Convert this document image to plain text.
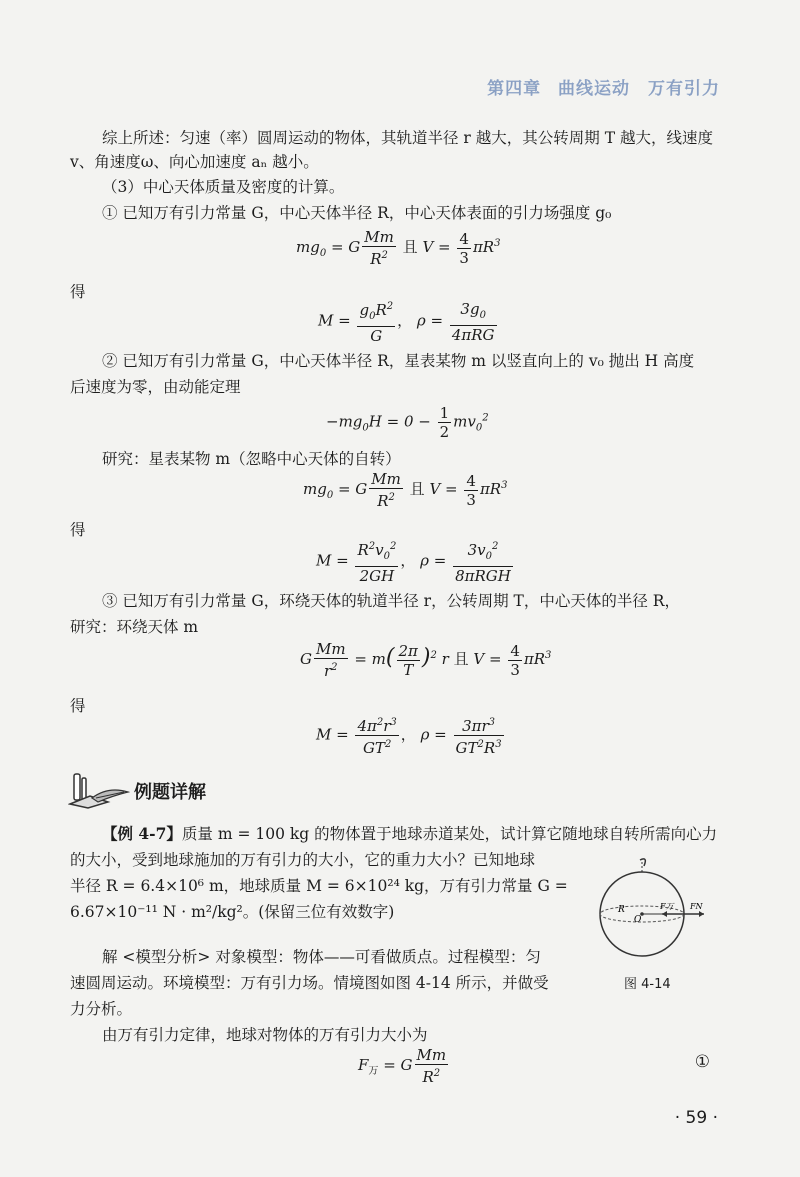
第四章 曲线运动　万有引力
综上所述：匀速（率）圆周运动的物体，其轨道半径 r 越大，其公转周期 T 越大，线速度 v、角速度ω、向心加速度 aₙ 越小。
（3）中心天体质量及密度的计算。
① 已知万有引力常量 G，中心天体半径 R，中心天体表面的引力场强度 g₀
$mg_0 = G \frac{Mm}{R^2}$ 且 $V = \frac{4}{3} \pi R^3$
得
$M = \frac{g_0R^2}{G}$ ， $\rho = \frac{3g_0}{\text{4πRG}}$
② 已知万有引力常量 G，中心天体半径 R，星表某物 m 以竖直向上的 v₀ 抛出 H 高度
后速度为零，由动能定理
$-mg_0H = 0 - \frac{1}{2} mv_0^2$
研究：星表某物 m（忽略中心天体的自转）
$mg_0 = G \frac{Mm}{R^2}$ 且 $V = \frac{4}{3} \pi R^3$
得
$M = \frac{R^2v_0^2}{2GH}$ ， $\rho = \frac{3v_0^2}{\text{8πRGH}}$
③ 已知万有引力常量 G，环绕天体的轨道半径 r，公转周期 T，中心天体的半径 R，
研究：环绕天体 m
G $\frac{Mm}{r^2} = m( \frac{2\pi}{T} )^2$ r 且 $V = \frac{4}{3} \pi R^3$
得
$M = \frac{4\pi^2r^3}{GT^2}$ ， $\rho = \frac{3\pi r^3}{GT^2R^3}$
例题详解
【例 4-7】质量 m = 100 kg 的物体置于地球赤道某处，试计算它随地球自转所需向心力
的大小，受到地球施加的万有引力的大小，它的重力大小？已知地球
半径 R = 6.4×10⁶ m，地球质量 M = 6×10²⁴ kg，万有引力常量 G =
6.67×10⁻¹¹ N · m²/kg²。(保留三位有效数字)
解 <模型分析> 对象模型：物体——可看做质点。过程模型：匀
速圆周运动。环境模型：万有引力场。情境图如图 4-14 所示，并做受
力分析。
由万有引力定律，地球对物体的万有引力大小为
R
O
F万 FN
图 4-14
$F_万 = G \frac{Mm}{R^2}$	①
· 59 ·
